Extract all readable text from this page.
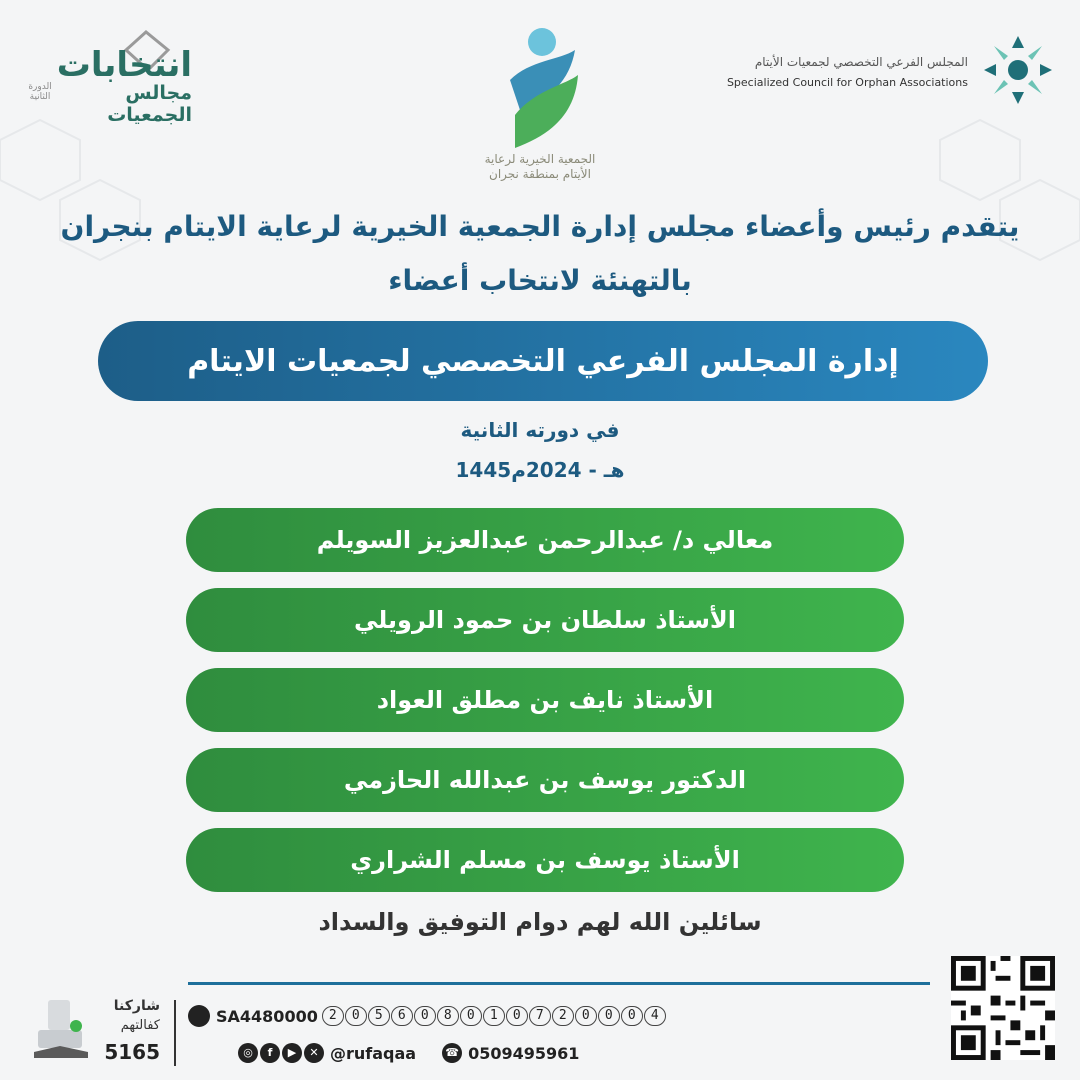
انتخابات
مجالس الجمعيات
الدورة الثانية
الجمعية الخيرية لرعاية
الأيتام بمنطقة نجران
المجلس الفرعي التخصصي لجمعيات الأيتام
Specialized Council for Orphan Associations
يتقدم رئيس وأعضاء مجلس إدارة الجمعية الخيرية لرعاية الايتام بنجران
بالتهنئة لانتخاب أعضاء
إدارة المجلس الفرعي التخصصي لجمعيات الايتام
في دورته الثانية
1445هـ - 2024م
معالي د/ عبدالرحمن عبدالعزيز السويلم
الأستاذ سلطان بن حمود الرويلي
الأستاذ نايف بن مطلق العواد
الدكتور يوسف بن عبدالله الحازمي
الأستاذ يوسف بن مسلم الشراري
سائلين الله لهم دوام التوفيق والسداد
SA4480000 2	0	5	6	0	8	0	1	0	7	2	0	0	0	4
◎	f	▶	✕ @rufaqaa	☎ 0509495961
شاركنا
كفالتهم
5165
